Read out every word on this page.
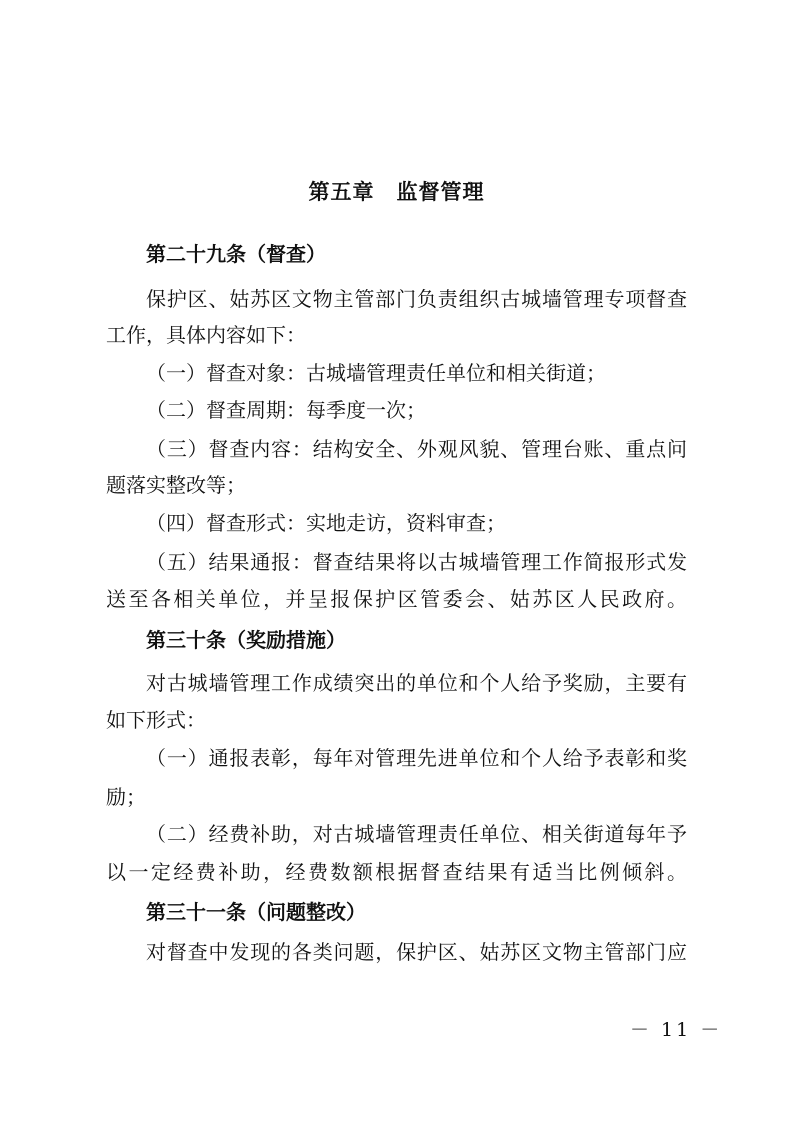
第五章　监督管理
第二十九条（督查）
保护区、姑苏区文物主管部门负责组织古城墙管理专项督查
工作，具体内容如下：
（一）督查对象：古城墙管理责任单位和相关街道；
（二）督查周期：每季度一次；
（三）督查内容：结构安全、外观风貌、管理台账、重点问
题落实整改等；
（四）督查形式：实地走访，资料审查；
（五）结果通报：督查结果将以古城墙管理工作简报形式发
送至各相关单位，并呈报保护区管委会、姑苏区人民政府。
第三十条（奖励措施）
对古城墙管理工作成绩突出的单位和个人给予奖励，主要有
如下形式：
（一）通报表彰，每年对管理先进单位和个人给予表彰和奖
励；
（二）经费补助，对古城墙管理责任单位、相关街道每年予
以一定经费补助，经费数额根据督查结果有适当比例倾斜。
第三十一条（问题整改）
对督查中发现的各类问题，保护区、姑苏区文物主管部门应
－ 11 －
